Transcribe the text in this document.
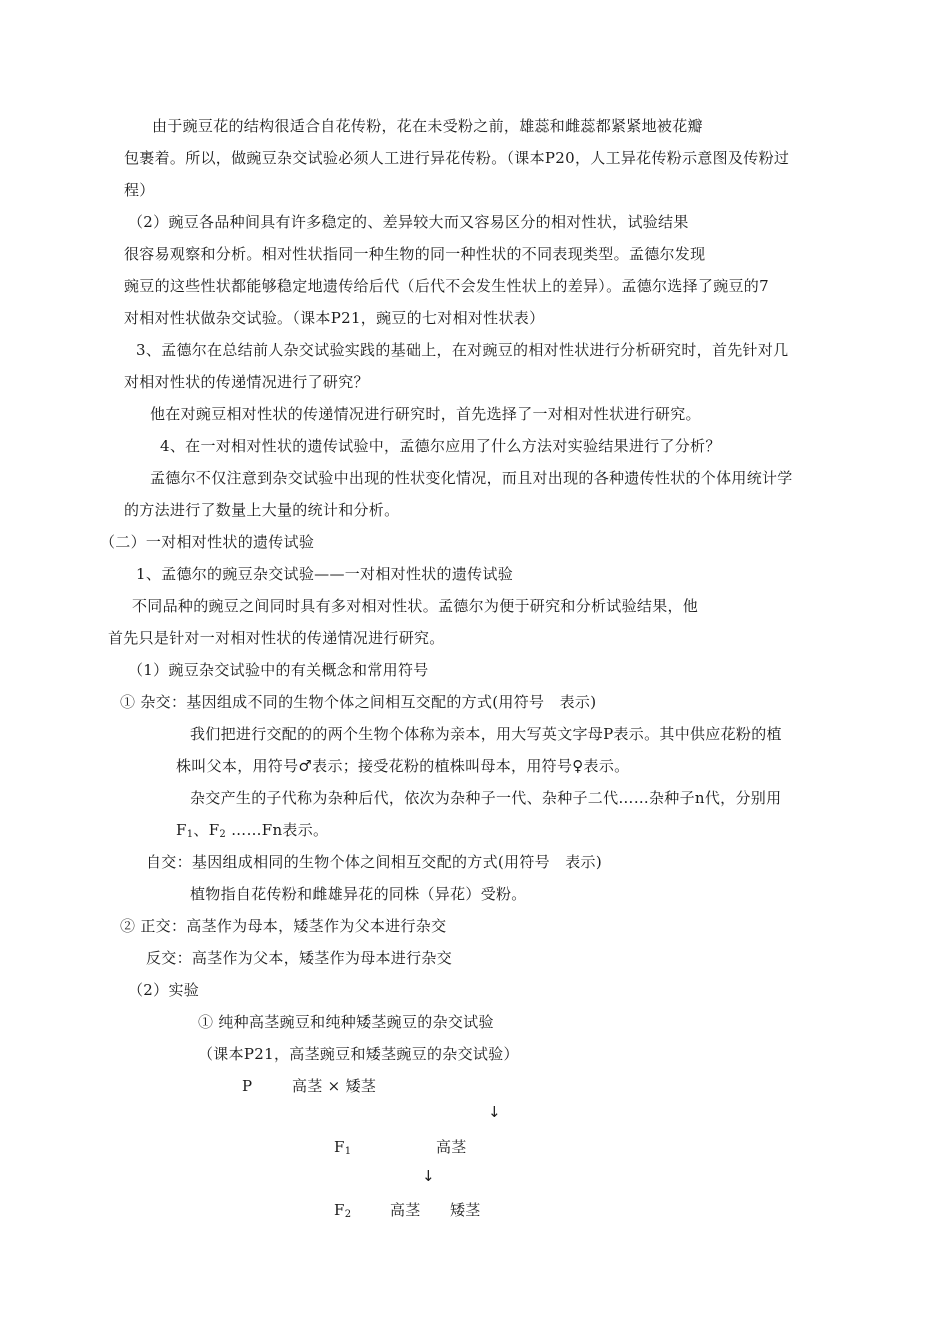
由于豌豆花的结构很适合自花传粉，花在未受粉之前，雄蕊和雌蕊都紧紧地被花瓣
包裹着。所以，做豌豆杂交试验必须人工进行异花传粉。（课本P20，人工异花传粉示意图及传粉过
程）
（2）豌豆各品种间具有许多稳定的、差异较大而又容易区分的相对性状，试验结果
很容易观察和分析。相对性状指同一种生物的同一种性状的不同表现类型。孟德尔发现
豌豆的这些性状都能够稳定地遗传给后代（后代不会发生性状上的差异）。孟德尔选择了豌豆的7
对相对性状做杂交试验。（课本P21，豌豆的七对相对性状表）
3、孟德尔在总结前人杂交试验实践的基础上，在对豌豆的相对性状进行分析研究时，首先针对几
对相对性状的传递情况进行了研究？
他在对豌豆相对性状的传递情况进行研究时，首先选择了一对相对性状进行研究。
4、在一对相对性状的遗传试验中，孟德尔应用了什么方法对实验结果进行了分析？
孟德尔不仅注意到杂交试验中出现的性状变化情况，而且对出现的各种遗传性状的个体用统计学
的方法进行了数量上大量的统计和分析。
（二）一对相对性状的遗传试验
1、孟德尔的豌豆杂交试验——一对相对性状的遗传试验
不同品种的豌豆之间同时具有多对相对性状。孟德尔为便于研究和分析试验结果，他
首先只是针对一对相对性状的传递情况进行研究。
（1）豌豆杂交试验中的有关概念和常用符号
① 杂交：基因组成不同的生物个体之间相互交配的方式(用符号　表示)
我们把进行交配的的两个生物个体称为亲本，用大写英文字母P表示。其中供应花粉的植
株叫父本，用符号♂表示；接受花粉的植株叫母本，用符号♀表示。
杂交产生的子代称为杂种后代，依次为杂种子一代、杂种子二代……杂种子n代，分别用
$F_1$、$F_2$ ……Fn表示。
自交：基因组成相同的生物个体之间相互交配的方式(用符号　表示)
植物指自花传粉和雌雄异花的同株（异花）受粉。
② 正交：高茎作为母本，矮茎作为父本进行杂交
反交：高茎作为父本，矮茎作为母本进行杂交
（2）实验
① 纯种高茎豌豆和纯种矮茎豌豆的杂交试验
（课本P21，高茎豌豆和矮茎豌豆的杂交试验）
P	高茎 × 矮茎
↓
$F_1$	高茎
↓
$F_2$	高茎 矮茎
